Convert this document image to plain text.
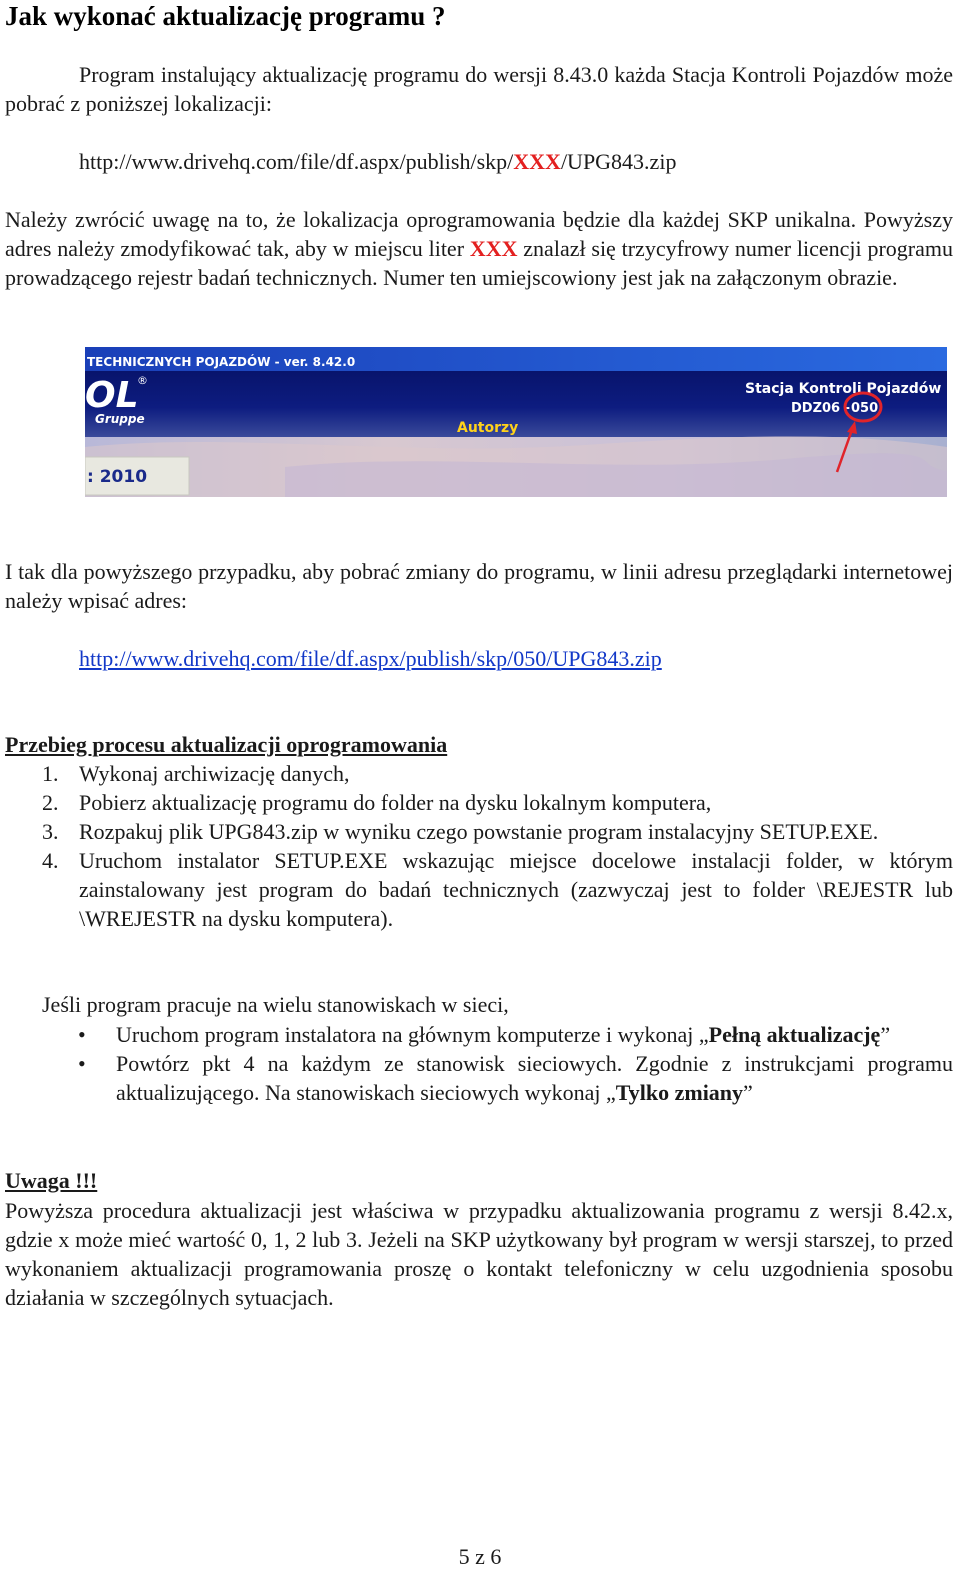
Jak wykonać aktualizację programu ?

Program instalujący aktualizację programu do wersji 8.43.0 każda Stacja Kontroli Pojazdów może pobrać z poniższej lokalizacji:

http://www.drivehq.com/file/df.aspx/publish/skp/XXX/UPG843.zip

Należy zwrócić uwagę na to, że lokalizacja oprogramowania będzie dla każdej SKP unikalna. Powyższy adres należy zmodyfikować tak, aby w miejscu liter XXX znalazł się trzycyfrowy numer licencji programu prowadzącego rejestr badań technicznych. Numer ten umiejscowiony jest jak na załączonym obrazie.

TECHNICZNYCH POJAZDÓW - ver. 8.42.0
OL
®
Gruppe
Autorzy
Stacja Kontroli Pojazdów
DDZ06 - 050
: 2010

I tak dla powyższego przypadku, aby pobrać zmiany do programu, w linii adresu przeglądarki internetowej należy wpisać adres:

http://www.drivehq.com/file/df.aspx/publish/skp/050/UPG843.zip
Przebieg procesu aktualizacji oprogramowania
1. Wykonaj archiwizację danych,
2. Pobierz aktualizację programu do folder na dysku lokalnym komputera,
3. Rozpakuj plik UPG843.zip w wyniku czego powstanie program instalacyjny SETUP.EXE.
4. Uruchom instalator SETUP.EXE wskazując miejsce docelowe instalacji folder, w którym zainstalowany jest program do badań technicznych (zazwyczaj jest to folder \REJESTR lub \WREJESTR na dysku komputera).
Jeśli program pracuje na wielu stanowiskach w sieci,
• Uruchom program instalatora na głównym komputerze i wykonaj „Pełną aktualizację”
• Powtórz pkt 4 na każdym ze stanowisk sieciowych. Zgodnie z instrukcjami programu aktualizującego. Na stanowiskach sieciowych wykonaj „Tylko zmiany”
Uwaga !!!

Powyższa procedura aktualizacji jest właściwa w przypadku aktualizowania programu z wersji 8.42.x, gdzie x może mieć wartość 0, 1, 2 lub 3. Jeżeli na SKP użytkowany był program w wersji starszej, to przed wykonaniem aktualizacji programowania proszę o kontakt telefoniczny w celu uzgodnienia sposobu działania w szczególnych sytuacjach.

5 z 6
